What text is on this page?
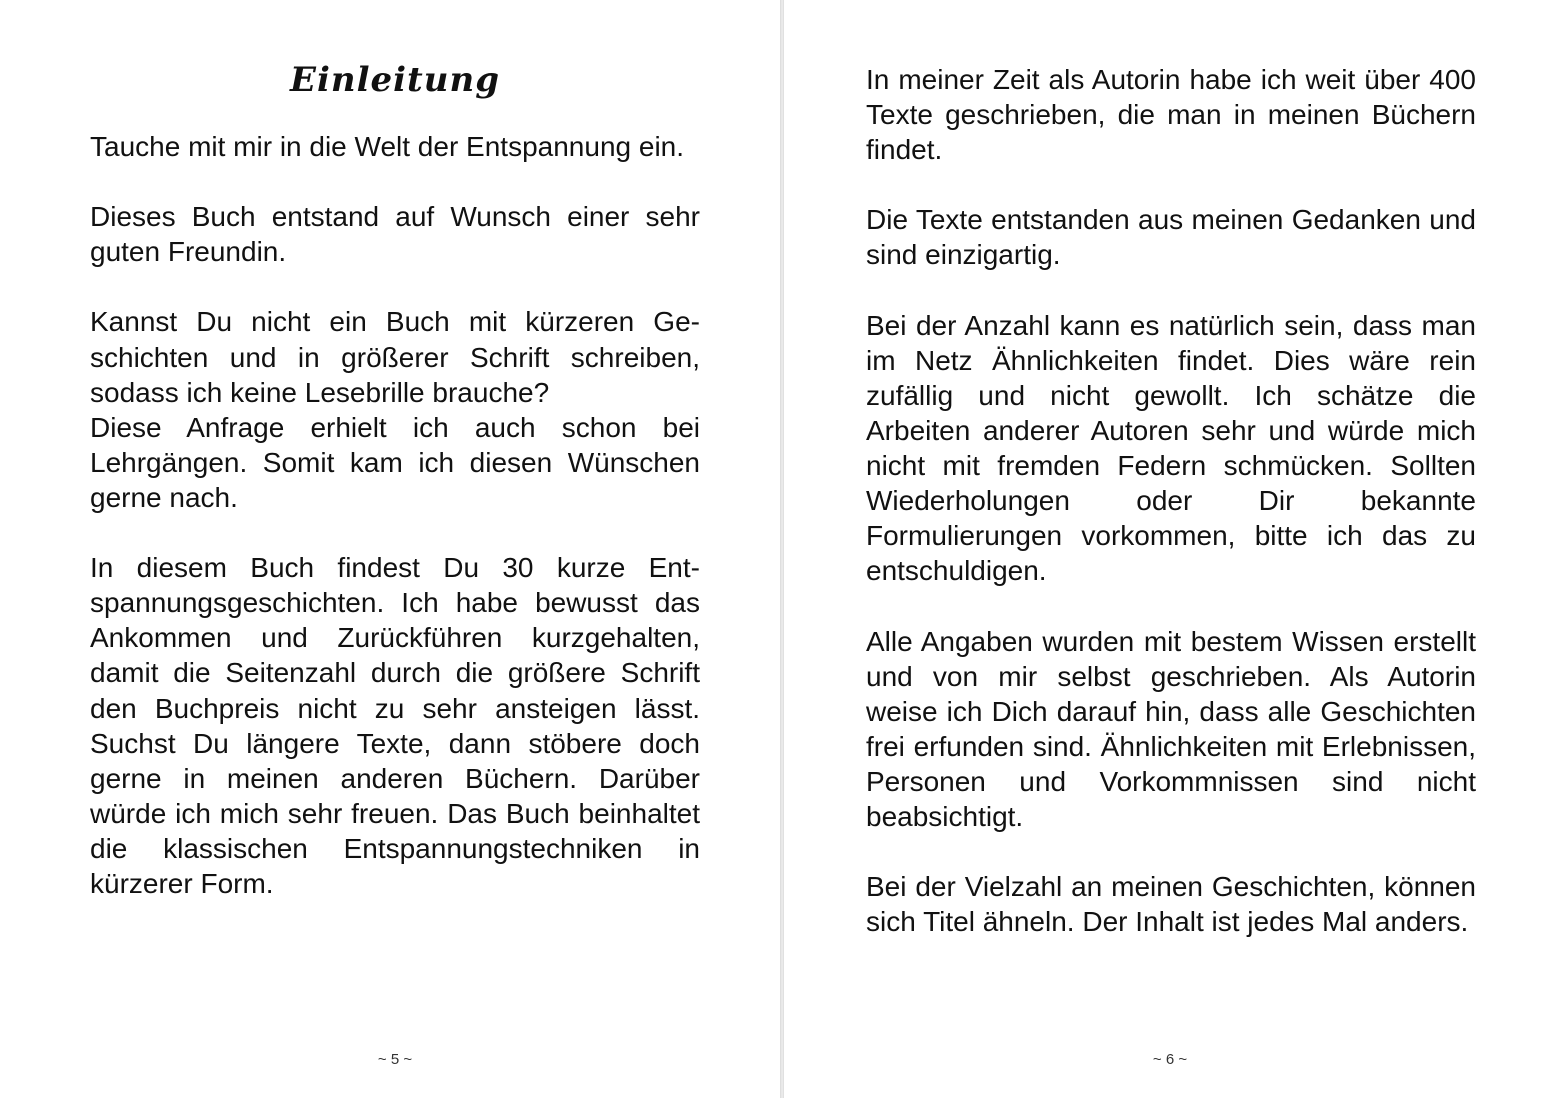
Einleitung

Tauche mit mir in die Welt der Entspannung ein.

Dieses Buch entstand auf Wunsch einer sehr guten Freundin.

Kannst Du nicht ein Buch mit kürzeren Geschichten und in größerer Schrift schreiben, sodass ich keine Lesebrille brauche?

Diese Anfrage erhielt ich auch schon bei Lehrgängen. Somit kam ich diesen Wünschen gerne nach.

In diesem Buch findest Du 30 kurze Entspannungsgeschichten. Ich habe bewusst das Ankommen und Zurückführen kurzgehalten, damit die Seitenzahl durch die größere Schrift den Buchpreis nicht zu sehr ansteigen lässt. Suchst Du längere Texte, dann stöbere doch gerne in meinen anderen Büchern. Darüber würde ich mich sehr freuen. Das Buch beinhaltet die klassischen Entspannungstechniken in kürzerer Form.

~ 5 ~

In meiner Zeit als Autorin habe ich weit über 400 Texte geschrieben, die man in meinen Büchern findet.

Die Texte entstanden aus meinen Gedanken und sind einzigartig.

Bei der Anzahl kann es natürlich sein, dass man im Netz Ähnlichkeiten findet. Dies wäre rein zufällig und nicht gewollt. Ich schätze die Arbeiten anderer Autoren sehr und würde mich nicht mit fremden Federn schmücken. Sollten Wiederholungen oder Dir bekannte Formulierungen vorkommen, bitte ich das zu entschuldigen.

Alle Angaben wurden mit bestem Wissen erstellt und von mir selbst geschrieben. Als Autorin weise ich Dich darauf hin, dass alle Geschichten frei erfunden sind. Ähnlichkeiten mit Erlebnissen, Personen und Vorkommnissen sind nicht beabsichtigt.

Bei der Vielzahl an meinen Geschichten, können sich Titel ähneln. Der Inhalt ist jedes Mal anders.

~ 6 ~
